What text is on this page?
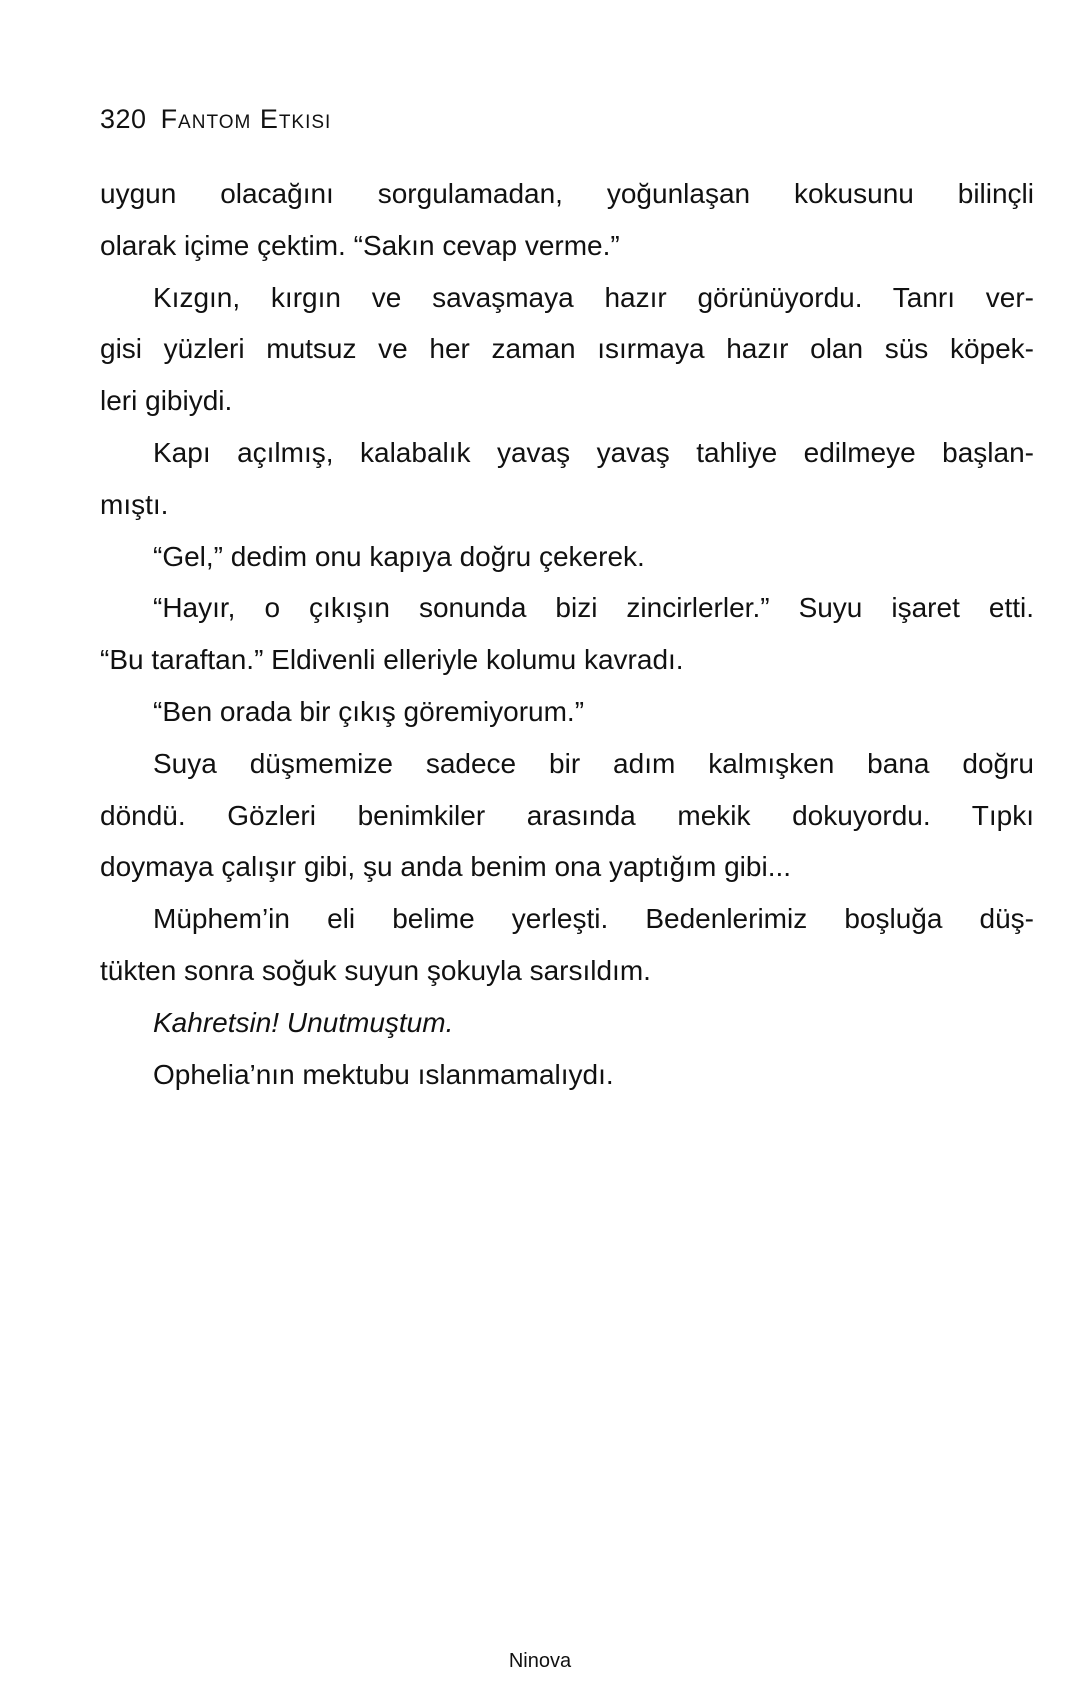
320 Fantom Etkisi
uygun olacağını sorgulamadan, yoğunlaşan kokusunu bilinçli
olarak içime çektim. “Sakın cevap verme.”
Kızgın, kırgın ve savaşmaya hazır görünüyordu. Tanrı ver-
gisi yüzleri mutsuz ve her zaman ısırmaya hazır olan süs köpek-
leri gibiydi.
Kapı açılmış, kalabalık yavaş yavaş tahliye edilmeye başlan-
mıştı.
“Gel,” dedim onu kapıya doğru çekerek.
“Hayır, o çıkışın sonunda bizi zincirlerler.” Suyu işaret etti.
“Bu taraftan.” Eldivenli elleriyle kolumu kavradı.
“Ben orada bir çıkış göremiyorum.”
Suya düşmemize sadece bir adım kalmışken bana doğru
döndü. Gözleri benimkiler arasında mekik dokuyordu. Tıpkı
doymaya çalışır gibi, şu anda benim ona yaptığım gibi...
Müphem’in eli belime yerleşti. Bedenlerimiz boşluğa düş-
tükten sonra soğuk suyun şokuyla sarsıldım.
Kahretsin! Unutmuştum.
Ophelia’nın mektubu ıslanmamalıydı.
Ninova
